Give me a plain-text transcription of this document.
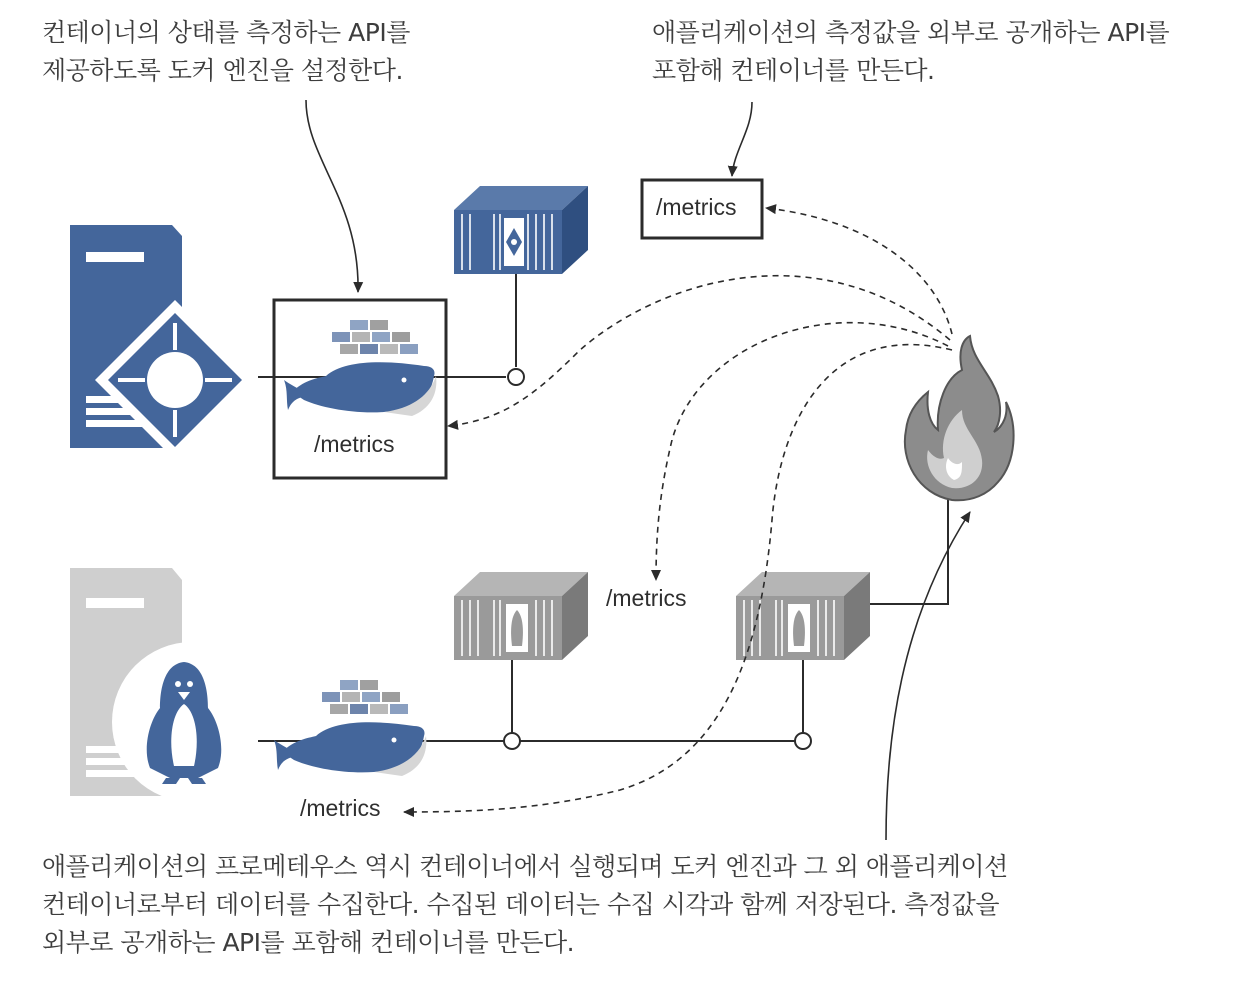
컨테이너의 상태를 측정하는 API를
제공하도록 도커 엔진을 설정한다.
애플리케이션의 측정값을 외부로 공개하는 API를
포함해 컨테이너를 만든다.
애플리케이션의 프로메테우스 역시 컨테이너에서 실행되며 도커 엔진과 그 외 애플리케이션
컨테이너로부터 데이터를 수집한다. 수집된 데이터는 수집 시각과 함께 저장된다. 측정값을
외부로 공개하는 API를 포함해 컨테이너를 만든다.
/metrics
/metrics
/metrics
/metrics
